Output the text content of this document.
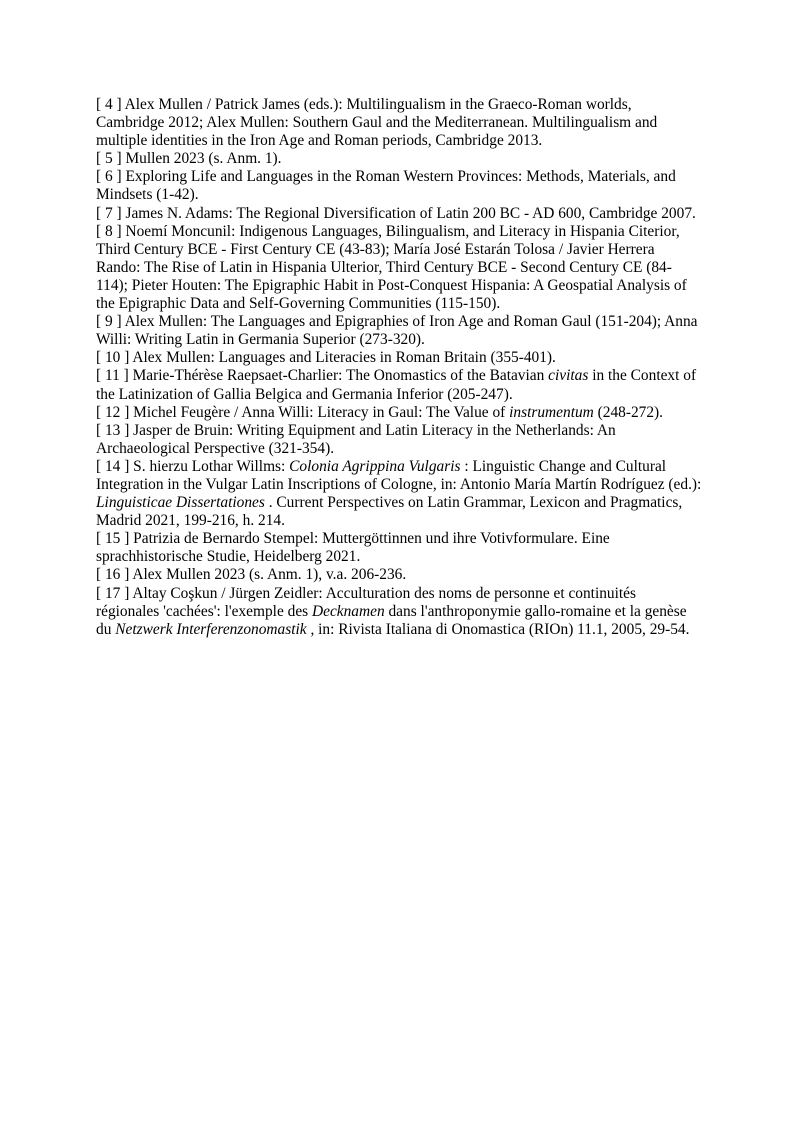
[ 4 ] Alex Mullen / Patrick James (eds.): Multilingualism in the Graeco-Roman worlds, Cambridge 2012; Alex Mullen: Southern Gaul and the Mediterranean. Multilingualism and multiple identities in the Iron Age and Roman periods, Cambridge 2013.

[ 5 ] Mullen 2023 (s. Anm. 1).

[ 6 ] Exploring Life and Languages in the Roman Western Provinces: Methods, Materials, and Mindsets (1-42).

[ 7 ] James N. Adams: The Regional Diversification of Latin 200 BC - AD 600, Cambridge 2007.

[ 8 ] Noemí Moncunil: Indigenous Languages, Bilingualism, and Literacy in Hispania Citerior, Third Century BCE - First Century CE (43-83); María José Estarán Tolosa / Javier Herrera Rando: The Rise of Latin in Hispania Ulterior, Third Century BCE - Second Century CE (84-114); Pieter Houten: The Epigraphic Habit in Post-Conquest Hispania: A Geospatial Analysis of the Epigraphic Data and Self-Governing Communities (115-150).

[ 9 ] Alex Mullen: The Languages and Epigraphies of Iron Age and Roman Gaul (151-204); Anna Willi: Writing Latin in Germania Superior (273-320).

[ 10 ] Alex Mullen: Languages and Literacies in Roman Britain (355-401).

[ 11 ] Marie-Thérèse Raepsaet-Charlier: The Onomastics of the Batavian civitas in the Context of the Latinization of Gallia Belgica and Germania Inferior (205-247).

[ 12 ] Michel Feugère / Anna Willi: Literacy in Gaul: The Value of instrumentum (248-272).

[ 13 ] Jasper de Bruin: Writing Equipment and Latin Literacy in the Netherlands: An Archaeological Perspective (321-354).

[ 14 ] S. hierzu Lothar Willms: Colonia Agrippina Vulgaris : Linguistic Change and Cultural Integration in the Vulgar Latin Inscriptions of Cologne, in: Antonio María Martín Rodríguez (ed.): Linguisticae Dissertationes . Current Perspectives on Latin Grammar, Lexicon and Pragmatics, Madrid 2021, 199-216, h. 214.

[ 15 ] Patrizia de Bernardo Stempel: Muttergöttinnen und ihre Votivformulare. Eine sprachhistorische Studie, Heidelberg 2021.

[ 16 ] Alex Mullen 2023 (s. Anm. 1), v.a. 206-236.

[ 17 ] Altay Coşkun / Jürgen Zeidler: Acculturation des noms de personne et continuités régionales 'cachées': l'exemple des Decknamen dans l'anthroponymie gallo-romaine et la genèse du Netzwerk Interferenzonomastik , in: Rivista Italiana di Onomastica (RIOn) 11.1, 2005, 29-54.
